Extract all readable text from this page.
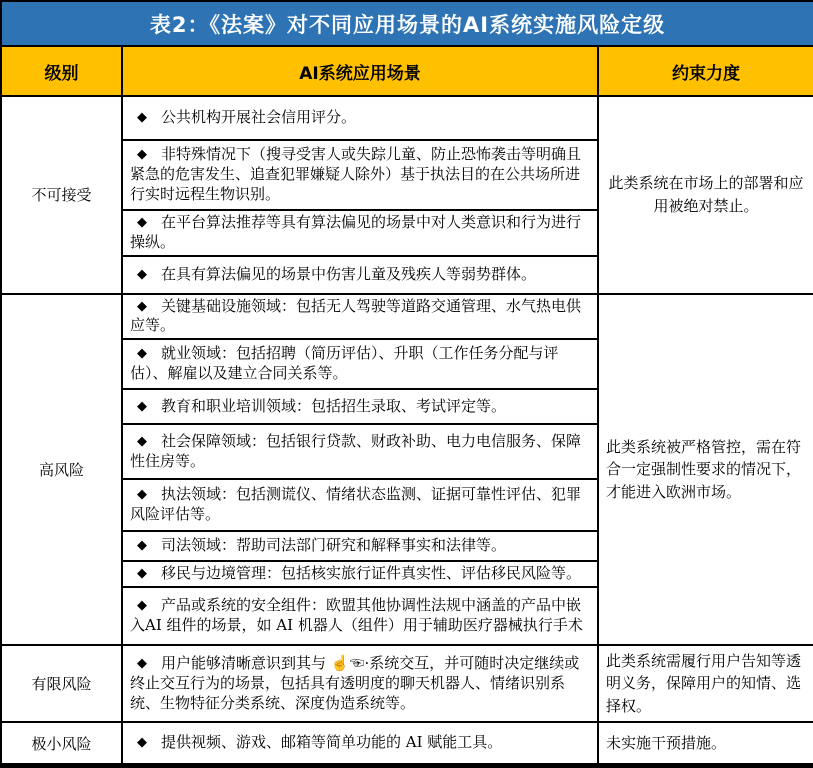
表2：《法案》对不同应用场景的AI系统实施风险定级		
级别	AI系统应用场景	约束力度
不可接受	◆ 公共机构开展社会信用评分。	此类系统在市场上的部署和应用被绝对禁止。

	◆ 非特殊情况下（搜寻受害人或失踪儿童、防止恐怖袭击等明确且紧急的危害发生、追查犯罪嫌疑人除外）基于执法目的在公共场所进行实时远程生物识别。	

	◆ 在平台算法推荐等具有算法偏见的场景中对人类意识和行为进行操纵。	

	◆ 在具有算法偏见的场景中伤害儿童及残疾人等弱势群体。	

高风险	◆ 关键基础设施领域：包括无人驾驶等道路交通管理、水气热电供应等。	此类系统被严格管控，需在符合一定强制性要求的情况下，才能进入欧洲市场。

	◆ 就业领域：包括招聘（简历评估）、升职（工作任务分配与评估）、解雇以及建立合同关系等。	

	◆ 教育和职业培训领域：包括招生录取、考试评定等。	

	◆ 社会保障领域：包括银行贷款、财政补助、电力电信服务、保障性住房等。	

	◆ 执法领域：包括测谎仪、情绪状态监测、证据可靠性评估、犯罪风险评估等。	

	◆ 司法领域：帮助司法部门研究和解释事实和法律等。	

	◆ 移民与边境管理：包括核实旅行证件真实性、评估移民风险等。	

	◆ 产品或系统的安全组件：欧盟其他协调性法规中涵盖的产品中嵌入AI 组件的场景，如 AI 机器人（组件）用于辅助医疗器械执行手术	

有限风险	◆ 用户能够清晰意识到其与 ☝☜·系统交互，并可随时决定继续或终止交互行为的场景，包括具有透明度的聊天机器人、情绪识别系统、生物特征分类系统、深度伪造系统等。	此类系统需履行用户告知等透明义务，保障用户的知情、选择权。
极小风险	◆ 提供视频、游戏、邮箱等简单功能的 AI 赋能工具。	未实施干预措施。
